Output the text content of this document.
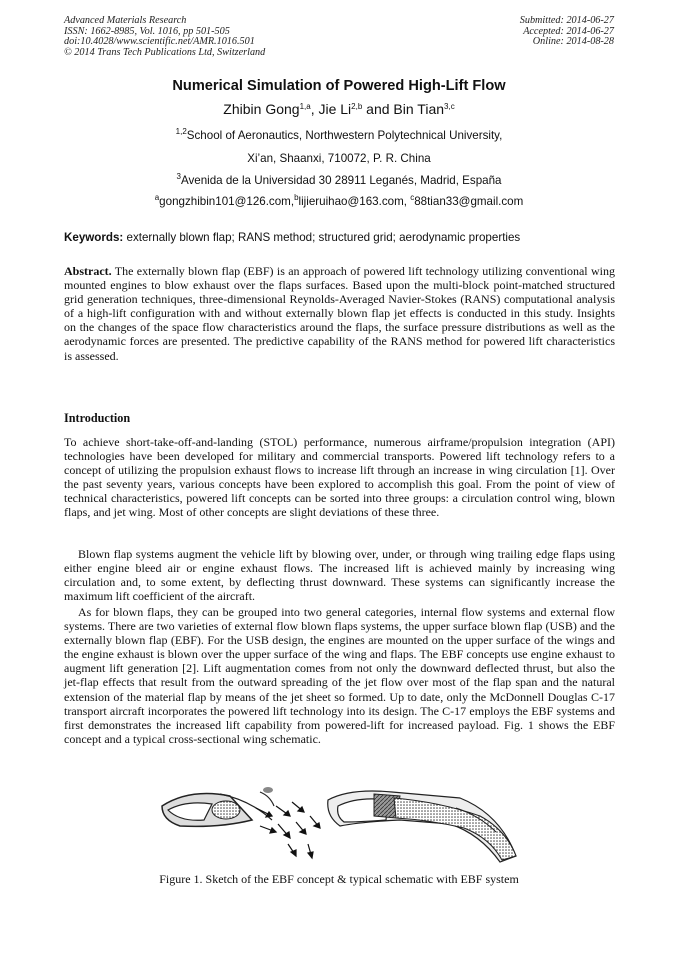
Advanced Materials Research
ISSN: 1662-8985, Vol. 1016, pp 501-505
doi:10.4028/www.scientific.net/AMR.1016.501
© 2014 Trans Tech Publications Ltd, Switzerland
Submitted: 2014-06-27
Accepted: 2014-06-27
Online: 2014-08-28
Numerical Simulation of Powered High-Lift Flow
Zhibin Gong$^{1,a}$, Jie Li$^{2,b}$ and Bin Tian$^{3,c}$
$^{1,2}$School of Aeronautics, Northwestern Polytechnical University,
Xi’an, Shaanxi, 710072, P. R. China
$^3$Avenida de la Universidad 30 28911 Leganés, Madrid, España
$^a$gongzhibin101@126.com,$^b$lijieruihao@163.com, $^c$88tian33@gmail.com
Keywords: externally blown flap; RANS method; structured grid; aerodynamic properties
Abstract. The externally blown flap (EBF) is an approach of powered lift technology utilizing conventional wing mounted engines to blow exhaust over the flaps surfaces. Based upon the multi-block point-matched structured grid generation techniques, three-dimensional Reynolds-Averaged Navier-Stokes (RANS) computational analysis of a high-lift configuration with and without externally blown flap jet effects is conducted in this study. Insights on the changes of the space flow characteristics around the flaps, the surface pressure distributions as well as the aerodynamic forces are presented. The predictive capability of the RANS method for powered lift characteristics is assessed.
Introduction
To achieve short-take-off-and-landing (STOL) performance, numerous airframe/propulsion integration (API) technologies have been developed for military and commercial transports. Powered lift technology refers to a concept of utilizing the propulsion exhaust flows to increase lift through an increase in wing circulation [1]. Over the past seventy years, various concepts have been explored to accomplish this goal. From the point of view of technical characteristics, powered lift concepts can be sorted into three groups: a circulation control wing, blown flaps, and jet wing. Most of other concepts are slight deviations of these three.
Blown flap systems augment the vehicle lift by blowing over, under, or through wing trailing edge flaps using either engine bleed air or engine exhaust flows. The increased lift is achieved mainly by increasing wing circulation and, to some extent, by deflecting thrust downward. These systems can significantly increase the maximum lift coefficient of the aircraft.
As for blown flaps, they can be grouped into two general categories, internal flow systems and external flow systems. There are two varieties of external flow blown flaps systems, the upper surface blown flap (USB) and the externally blown flap (EBF). For the USB design, the engines are mounted on the upper surface of the wings and the engine exhaust is blown over the upper surface of the wing and flaps. The EBF concepts use engine exhaust to augment lift generation [2]. Lift augmentation comes from not only the downward deflected thrust, but also the jet-flap effects that result from the outward spreading of the jet flow over most of the flap span and the natural extension of the material flap by means of the jet sheet so formed. Up to date, only the McDonnell Douglas C-17 transport aircraft incorporates the powered lift technology into its design. The C-17 employs the EBF systems and first demonstrates the increased lift capability from powered-lift for increased payload. Fig. 1 shows the EBF concept and a typical cross-sectional wing schematic.
Figure 1. Sketch of the EBF concept & typical schematic with EBF system
